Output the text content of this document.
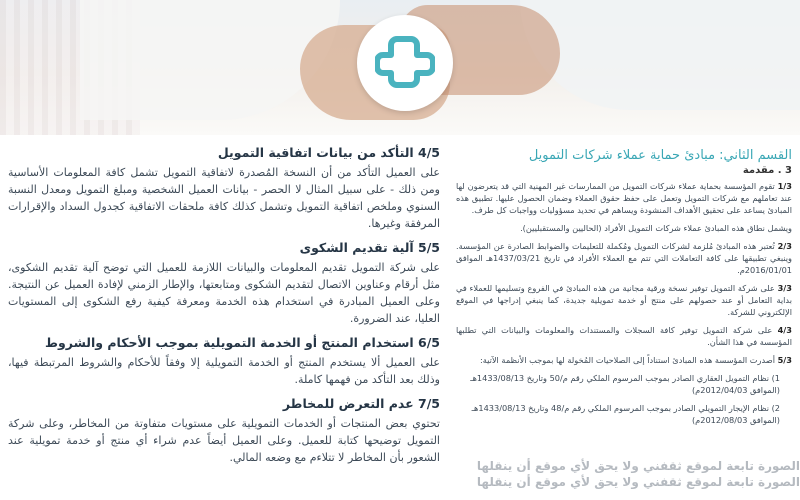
4/5 التأكد من بيانات اتفاقية التمويل

على العميل التأكد من أن النسخة المُصدرة لاتفاقية التمويل تشمل كافة المعلومات الأساسية ومن ذلك - على سبيل المثال لا الحصر - بيانات العميل الشخصية ومبلغ التمويل ومعدل النسبة السنوي وملخص اتفاقية التمويل وتشمل كذلك كافة ملحقات الاتفاقية كجدول السداد والإقرارات المرفقة وغيرها.

5/5 آلية تقديم الشكوى

على شركة التمويل تقديم المعلومات والبيانات اللازمة للعميل التي توضح آلية تقديم الشكوى، مثل أرقام وعناوين الاتصال لتقديم الشكوى ومتابعتها، والإطار الزمني لإفادة العميل عن النتيجة. وعلى العميل المبادرة في استخدام هذه الخدمة ومعرفة كيفية رفع الشكوى إلى المستويات العليا، عند الضرورة.

6/5 استخدام المنتج أو الخدمة التمويلية بموجب الأحكام والشروط

على العميل ألا يستخدم المنتج أو الخدمة التمويلية إلا وفقاً للأحكام والشروط المرتبطة فيها، وذلك بعد التأكد من فهمها كاملة.

7/5 عدم التعرض للمخاطر

تحتوي بعض المنتجات أو الخدمات التمويلية على مستويات متفاوتة من المخاطر، وعلى شركة التمويل توضيحها كتابة للعميل. وعلى العميل أيضاً عدم شراء أي منتج أو خدمة تمويلية عند الشعور بأن المخاطر لا تتلاءم مع وضعه المالي.

القسم الثاني: مبادئ حماية عملاء شركات التمويل

3 . مقدمة

1/3 تقوم المؤسسة بحماية عملاء شركات التمويل من الممارسات غير المهنية التي قد يتعرضون لها عند تعاملهم مع شركات التمويل وتعمل على حفظ حقوق العملاء وضمان الحصول عليها. تطبيق هذه المبادئ يساعد على تحقيق الأهداف المنشودة ويساهم في تحديد مسؤوليات وواجبات كل طرف.

ويشمل نطاق هذه المبادئ عملاء شركات التمويل الأفراد (الحاليين والمستقبليين).

2/3 تُعتبر هذه المبادئ مُلزمة لشركات التمويل ومُكملة للتعليمات والضوابط الصادرة عن المؤسسة. وينبغي تطبيقها على كافة التعاملات التي تتم مع العملاء الأفراد في تاريخ 1437/03/21هـ الموافق 2016/01/01م.

3/3 على شركة التمويل توفير نسخة ورقية مجانية من هذه المبادئ في الفروع وتسليمها للعملاء في بداية التعامل أو عند حصولهم على منتج أو خدمة تمويلية جديدة، كما ينبغي إدراجها في الموقع الإلكتروني للشركة.

4/3 على شركة التمويل توفير كافة السجلات والمستندات والمعلومات والبيانات التي تطلبها المؤسسة في هذا الشأن.

5/3 أصدرت المؤسسة هذه المبادئ استناداً إلى الصلاحيات المُخولة لها بموجب الأنظمة الآتية:

1) نظام التمويل العقاري الصادر بموجب المرسوم الملكي رقم م/50 وتاريخ 1433/08/13هـ (الموافق 2012/04/03م)

2) نظام الإيجار التمويلي الصادر بموجب المرسوم الملكي رقم م/48 وتاريخ 1433/08/13هـ (الموافق 2012/08/03م)

الصورة تابعة لموقع ثقفني ولا يحق لأي موقع أن ينقلها
الصورة تابعة لموقع ثقفني ولا يحق لأي موقع أن ينقلها
